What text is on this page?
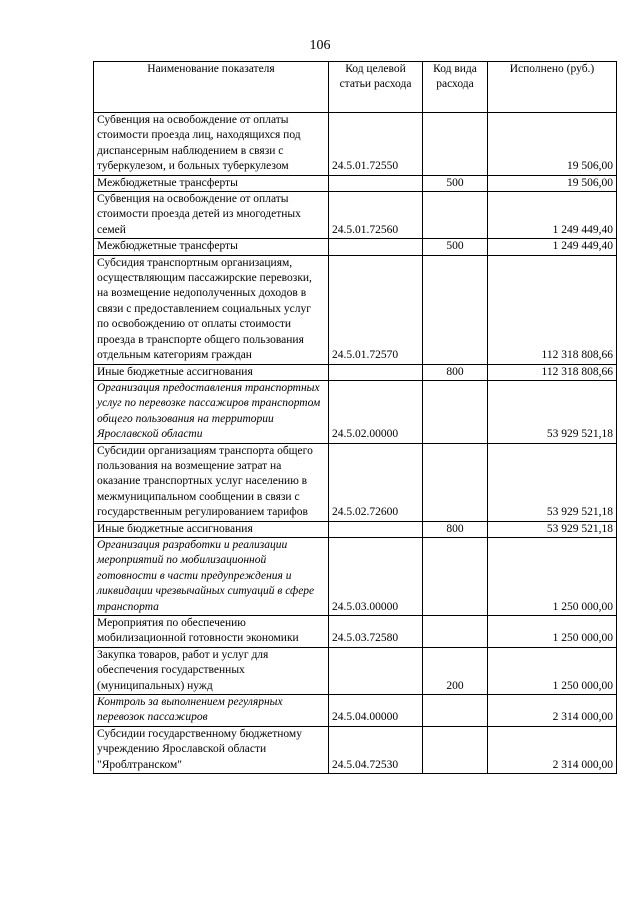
106
Наименование показателя	Код целевой статьи расхода	Код вида расхода	Исполнено (руб.)
Субвенция на освобождение от оплаты стоимости проезда лиц, находящихся под диспансерным наблюдением в связи с туберкулезом, и больных туберкулезом	24.5.01.72550		19 506,00
Межбюджетные трансферты		500	19 506,00
Субвенция на освобождение от оплаты стоимости проезда детей из многодетных семей	24.5.01.72560		1 249 449,40
Межбюджетные трансферты		500	1 249 449,40
Субсидия транспортным организациям, осуществляющим пассажирские перевозки, на возмещение недополученных доходов в связи с предоставлением социальных услуг по освобождению от оплаты стоимости проезда в транспорте общего пользования отдельным категориям граждан	24.5.01.72570		112 318 808,66
Иные бюджетные ассигнования		800	112 318 808,66
Организация предоставления транспортных услуг по перевозке пассажиров транспортом общего пользования на территории Ярославской области	24.5.02.00000		53 929 521,18
Субсидии организациям транспорта общего пользования на возмещение затрат на оказание транспортных услуг населению в межмуниципальном сообщении в связи с государственным регулированием тарифов	24.5.02.72600		53 929 521,18
Иные бюджетные ассигнования		800	53 929 521,18
Организация разработки и реализации мероприятий по мобилизационной готовности в части предупреждения и ликвидации чрезвычайных ситуаций в сфере транспорта	24.5.03.00000		1 250 000,00
Мероприятия по обеспечению мобилизационной готовности экономики	24.5.03.72580		1 250 000,00
Закупка товаров, работ и услуг для обеспечения государственных (муниципальных) нужд		200	1 250 000,00
Контроль за выполнением регулярных перевозок пассажиров	24.5.04.00000		2 314 000,00
Субсидии государственному бюджетному учреждению Ярославской области "Яроблтранском"	24.5.04.72530		2 314 000,00
